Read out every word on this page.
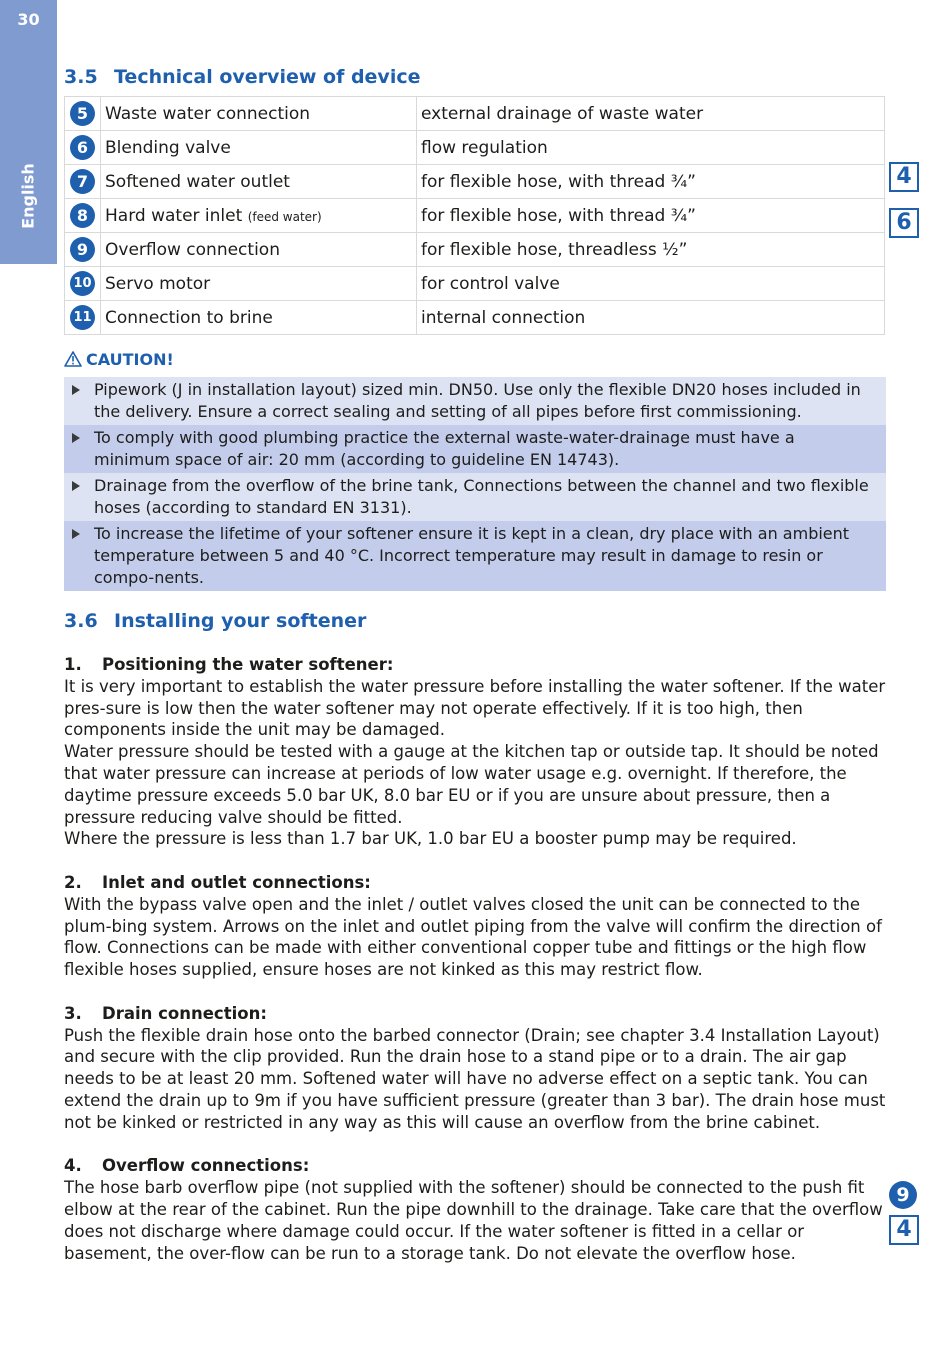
30
English
3.5 Technical overview of device
5	Waste water connection	external drainage of waste water
6	Blending valve	flow regulation
7	Softened water outlet	for flexible hose, with thread ¾”
8	Hard water inlet (feed water)	for flexible hose, with thread ¾”
9	Overflow connection	for flexible hose, threadless ½”
10	Servo motor	for control valve
11	Connection to brine	internal connection
CAUTION!
Pipework (J in installation layout) sized min. DN50. Use only the flexible DN20 hoses included in the delivery. Ensure a correct sealing and setting of all pipes before first commissioning.
To comply with good plumbing practice the external waste-water-drainage must have a minimum space of air: 20 mm (according to guideline EN 14743).
Drainage from the overflow of the brine tank, Connections between the channel and two flexible hoses (according to standard EN 3131).
To increase the lifetime of your softener ensure it is kept in a clean, dry place with an ambient temperature between 5 and 40 °C. Incorrect temperature may result in damage to resin or compo-nents.
4
6
3.6 Installing your softener
1. Positioning the water softener:

It is very important to establish the water pressure before installing the water softener. If the water pres-sure is low then the water softener may not operate effectively. If it is too high, then components inside the unit may be damaged.

Water pressure should be tested with a gauge at the kitchen tap or outside tap. It should be noted that water pressure can increase at periods of low water usage e.g. overnight. If therefore, the daytime pressure exceeds 5.0 bar UK, 8.0 bar EU or if you are unsure about pressure, then a pressure reducing valve should be fitted.

Where the pressure is less than 1.7 bar UK, 1.0 bar EU a booster pump may be required.

2. Inlet and outlet connections:

With the bypass valve open and the inlet / outlet valves closed the unit can be connected to the plum-bing system. Arrows on the inlet and outlet piping from the valve will confirm the direction of flow. Connections can be made with either conventional copper tube and fittings or the high flow flexible hoses supplied, ensure hoses are not kinked as this may restrict flow.

3. Drain connection:

Push the flexible drain hose onto the barbed connector (Drain; see chapter 3.4 Installation Layout) and secure with the clip provided. Run the drain hose to a stand pipe or to a drain. The air gap needs to be at least 20 mm. Softened water will have no adverse effect on a septic tank. You can extend the drain up to 9m if you have sufficient pressure (greater than 3 bar). The drain hose must not be kinked or restricted in any way as this will cause an overflow from the brine cabinet.

4. Overflow connections:

The hose barb overflow pipe (not supplied with the softener) should be connected to the push fit elbow at the rear of the cabinet. Run the pipe downhill to the drainage. Take care that the overflow does not discharge where damage could occur. If the water softener is fitted in a cellar or basement, the over-flow can be run to a storage tank. Do not elevate the overflow hose.

9
4
